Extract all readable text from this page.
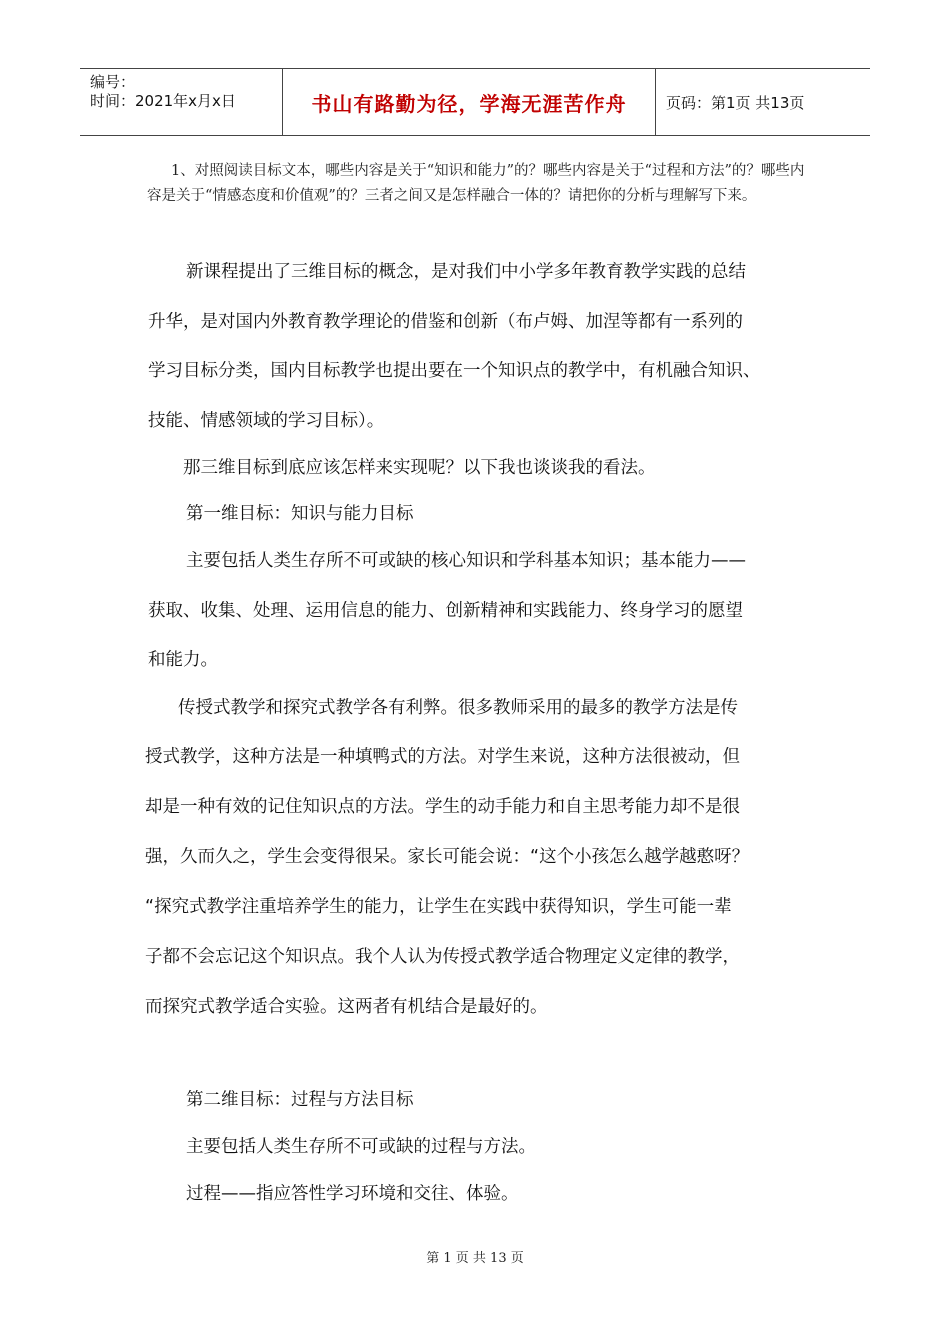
编号：
时间：2021年x月x日	书山有路勤为径，学海无涯苦作舟	页码：第1页 共13页
1、对照阅读目标文本，哪些内容是关于“知识和能力”的？哪些内容是关于“过程和方法”的？哪些内容是关于“情感态度和价值观”的？三者之间又是怎样融合一体的？请把你的分析与理解写下来。
新课程提出了三维目标的概念，是对我们中小学多年教育教学实践的总结
升华，是对国内外教育教学理论的借鉴和创新（布卢姆、加涅等都有一系列的
学习目标分类，国内目标教学也提出要在一个知识点的教学中，有机融合知识、
技能、情感领域的学习目标）。
那三维目标到底应该怎样来实现呢？以下我也谈谈我的看法。
第一维目标：知识与能力目标
主要包括人类生存所不可或缺的核心知识和学科基本知识；基本能力——
获取、收集、处理、运用信息的能力、创新精神和实践能力、终身学习的愿望
和能力。
传授式教学和探究式教学各有利弊。很多教师采用的最多的教学方法是传
授式教学，这种方法是一种填鸭式的方法。对学生来说，这种方法很被动，但
却是一种有效的记住知识点的方法。学生的动手能力和自主思考能力却不是很
强，久而久之，学生会变得很呆。家长可能会说：“这个小孩怎么越学越憨呀？
“探究式教学注重培养学生的能力，让学生在实践中获得知识，学生可能一辈
子都不会忘记这个知识点。我个人认为传授式教学适合物理定义定律的教学，
而探究式教学适合实验。这两者有机结合是最好的。
第二维目标：过程与方法目标
主要包括人类生存所不可或缺的过程与方法。
过程——指应答性学习环境和交往、体验。
第 1 页 共 13 页
